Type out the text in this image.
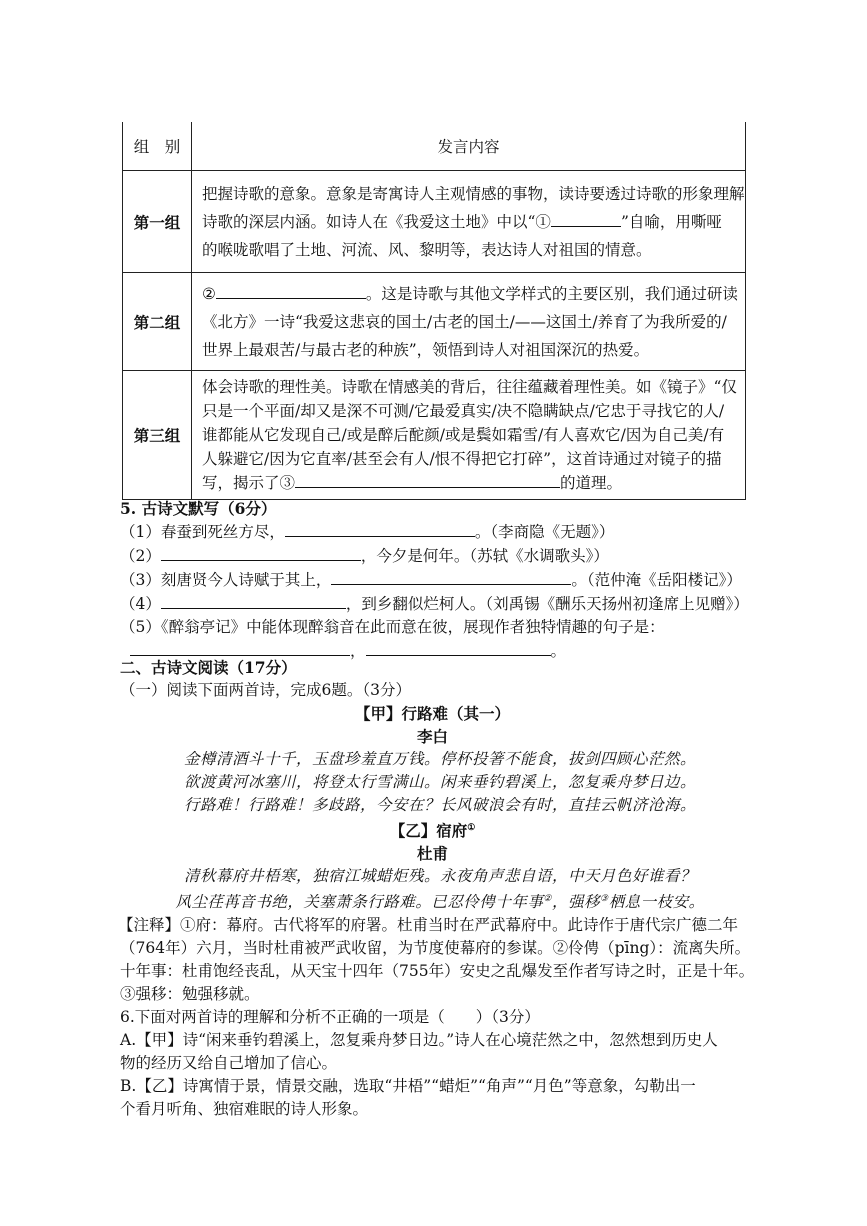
组　别	发言内容
第一组	把握诗歌的意象。意象是寄寓诗人主观情感的事物，读诗要透过诗歌的形象理解
诗歌的深层内涵。如诗人在《我爱这土地》中以“① ”自喻，用嘶哑
的喉咙歌唱了土地、河流、风、黎明等，表达诗人对祖国的情意。

第二组	② 。这是诗歌与其他文学样式的主要区别，我们通过研读
《北方》一诗“我爱这悲哀的国土/古老的国土/——这国土/养育了为我所爱的/
世界上最艰苦/与最古老的种族”，领悟到诗人对祖国深沉的热爱。

第三组	体会诗歌的理性美。诗歌在情感美的背后，往往蕴藏着理性美。如《镜子》“仅
只是一个平面/却又是深不可测/它最爱真实/决不隐瞒缺点/它忠于寻找它的人/
谁都能从它发现自己/或是醉后酡颜/或是鬓如霜雪/有人喜欢它/因为自己美/有
人躲避它/因为它直率/甚至会有人/恨不得把它打碎”，这首诗通过对镜子的描
写，揭示了③ 的道理。
5. 古诗文默写（6分）
（1）春蚕到死丝方尽，	。（李商隐《无题》）
（2）	，今夕是何年。（苏轼《水调歌头》）
（3）刻唐贤今人诗赋于其上，	。（范仲淹《岳阳楼记》）
（4）	，到乡翻似烂柯人。（刘禹锡《酬乐天扬州初逢席上见赠》）
（5）《醉翁亭记》中能体现醉翁音在此而意在彼，展现作者独特情趣的句子是：
，	。
二、古诗文阅读（17分）
（一）阅读下面两首诗，完成6题。（3分）
【甲】行路难（其一）
李白
金樽清酒斗十千，玉盘珍羞直万钱。停杯投箸不能食，拔剑四顾心茫然。
欲渡黄河冰塞川，将登太行雪满山。闲来垂钓碧溪上，忽复乘舟梦日边。
行路难！行路难！多歧路，今安在？长风破浪会有时，直挂云帆济沧海。
【乙】宿府①
杜甫
清秋幕府井梧寒，独宿江城蜡炬残。永夜角声悲自语，中天月色好谁看？
风尘荏苒音书绝，关塞萧条行路难。已忍伶俜十年事②，强移③栖息一枝安。
【注释】①府：幕府。古代将军的府署。杜甫当时在严武幕府中。此诗作于唐代宗广德二年
（764年）六月，当时杜甫被严武收留，为节度使幕府的参谋。②伶俜（pīng）：流离失所。
十年事：杜甫饱经丧乱，从天宝十四年（755年）安史之乱爆发至作者写诗之时，正是十年。
③强移：勉强移就。
6.下面对两首诗的理解和分析不正确的一项是（　　）（3分）
A.【甲】诗“闲来垂钓碧溪上，忽复乘舟梦日边。”诗人在心境茫然之中，忽然想到历史人
物的经历又给自己增加了信心。
B.【乙】诗寓情于景，情景交融，选取“井梧”“蜡炬”“角声”“月色”等意象，勾勒出一
个看月听角、独宿难眠的诗人形象。
